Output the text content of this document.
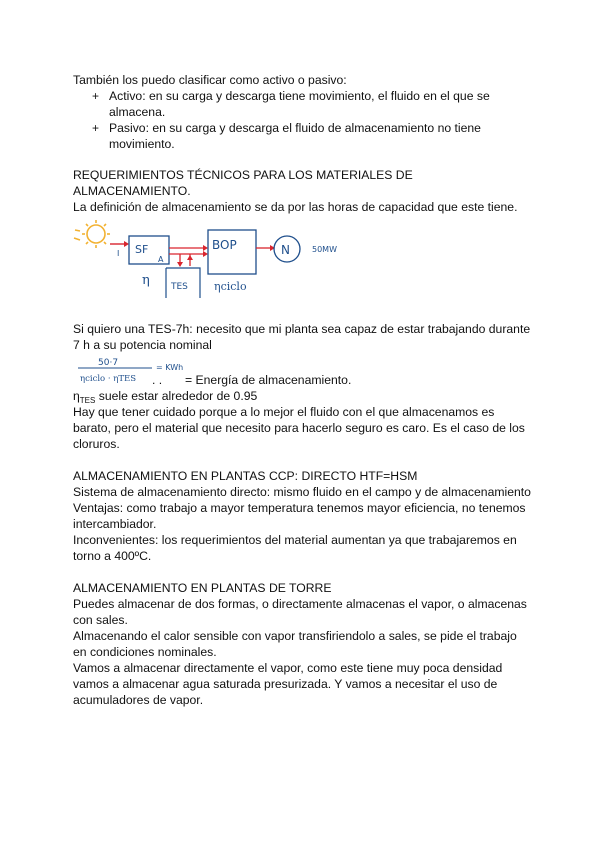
También los puedo clasificar como activo o pasivo:
+ Activo: en su carga y descarga tiene movimiento, el fluido en el que se
almacena.
+ Pasivo: en su carga y descarga el fluido de almacenamiento no tiene
movimiento.
REQUERIMIENTOS TÉCNICOS PARA LOS MATERIALES DE
ALMACENAMIENTO.
La definición de almacenamiento se da por las horas de capacidad que este tiene.
I SF
A
η TES
BOP
ηciclo
N	50MW
Si quiero una TES-7h: necesito que mi planta sea capaz de estar trabajando durante
7 h a su potencia nominal
50·7
ηciclo · ηTES
= KWh
. . = Energía de almacenamiento.
$\eta_{TES}$ suele estar alrededor de 0.95
Hay que tener cuidado porque a lo mejor el fluido con el que almacenamos es
barato, pero el material que necesito para hacerlo seguro es caro. Es el caso de los
cloruros.
ALMACENAMIENTO EN PLANTAS CCP: DIRECTO HTF=HSM
Sistema de almacenamiento directo: mismo fluido en el campo y de almacenamiento
Ventajas: como trabajo a mayor temperatura tenemos mayor eficiencia, no tenemos
intercambiador.
Inconvenientes: los requerimientos del material aumentan ya que trabajaremos en
torno a 400ºC.
ALMACENAMIENTO EN PLANTAS DE TORRE
Puedes almacenar de dos formas, o directamente almacenas el vapor, o almacenas
con sales.
Almacenando el calor sensible con vapor transfiriendolo a sales, se pide el trabajo
en condiciones nominales.
Vamos a almacenar directamente el vapor, como este tiene muy poca densidad
vamos a almacenar agua saturada presurizada. Y vamos a necesitar el uso de
acumuladores de vapor.
